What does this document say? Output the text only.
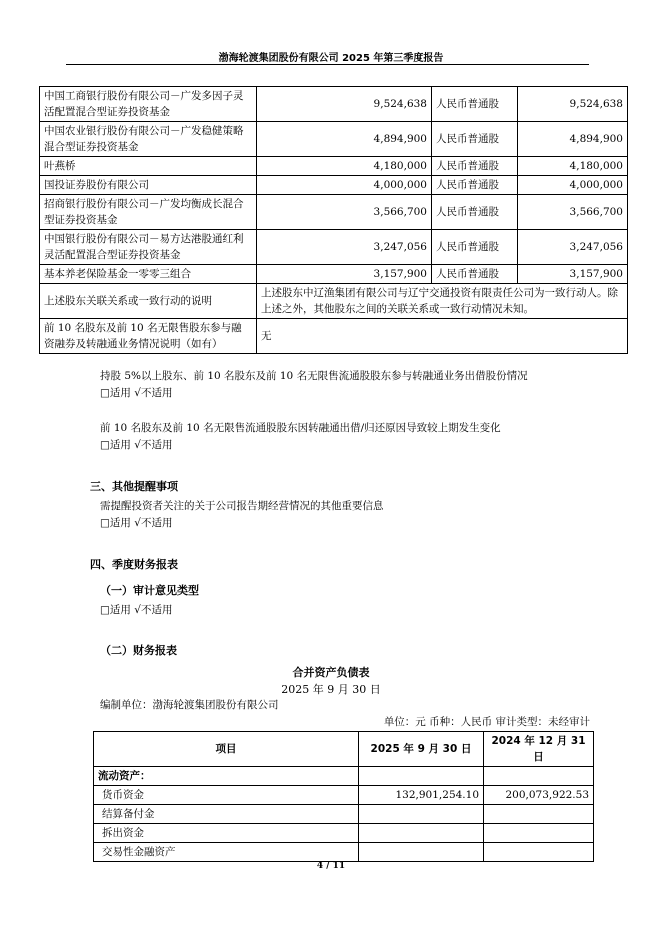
渤海轮渡集团股份有限公司 2025 年第三季度报告
中国工商银行股份有限公司－广发多因子灵活配置混合型证券投资基金	9,524,638	人民币普通股	9,524,638
中国农业银行股份有限公司－广发稳健策略混合型证券投资基金	4,894,900	人民币普通股	4,894,900
叶燕桥	4,180,000	人民币普通股	4,180,000
国投证券股份有限公司	4,000,000	人民币普通股	4,000,000
招商银行股份有限公司－广发均衡成长混合型证券投资基金	3,566,700	人民币普通股	3,566,700
中国银行股份有限公司－易方达港股通红利灵活配置混合型证券投资基金	3,247,056	人民币普通股	3,247,056
基本养老保险基金一零零三组合	3,157,900	人民币普通股	3,157,900
上述股东关联关系或一致行动的说明	上述股东中辽渔集团有限公司与辽宁交通投资有限责任公司为一致行动人。除上述之外，其他股东之间的关联关系或一致行动情况未知。		
前 10 名股东及前 10 名无限售股东参与融资融券及转融通业务情况说明（如有）	无		
持股 5%以上股东、前 10 名股东及前 10 名无限售流通股股东参与转融通业务出借股份情况
□适用 √不适用
前 10 名股东及前 10 名无限售流通股股东因转融通出借/归还原因导致较上期发生变化
□适用 √不适用
三、其他提醒事项
需提醒投资者关注的关于公司报告期经营情况的其他重要信息
□适用 √不适用
四、季度财务报表
（一）审计意见类型
□适用 √不适用
（二）财务报表
合并资产负债表
2025 年 9 月 30 日
编制单位：渤海轮渡集团股份有限公司
单位：元 币种：人民币 审计类型：未经审计
项目	2025 年 9 月 30 日	2024 年 12 月 31 日
流动资产：		
货币资金	132,901,254.10	200,073,922.53
结算备付金		
拆出资金		
交易性金融资产		
4 / 11
